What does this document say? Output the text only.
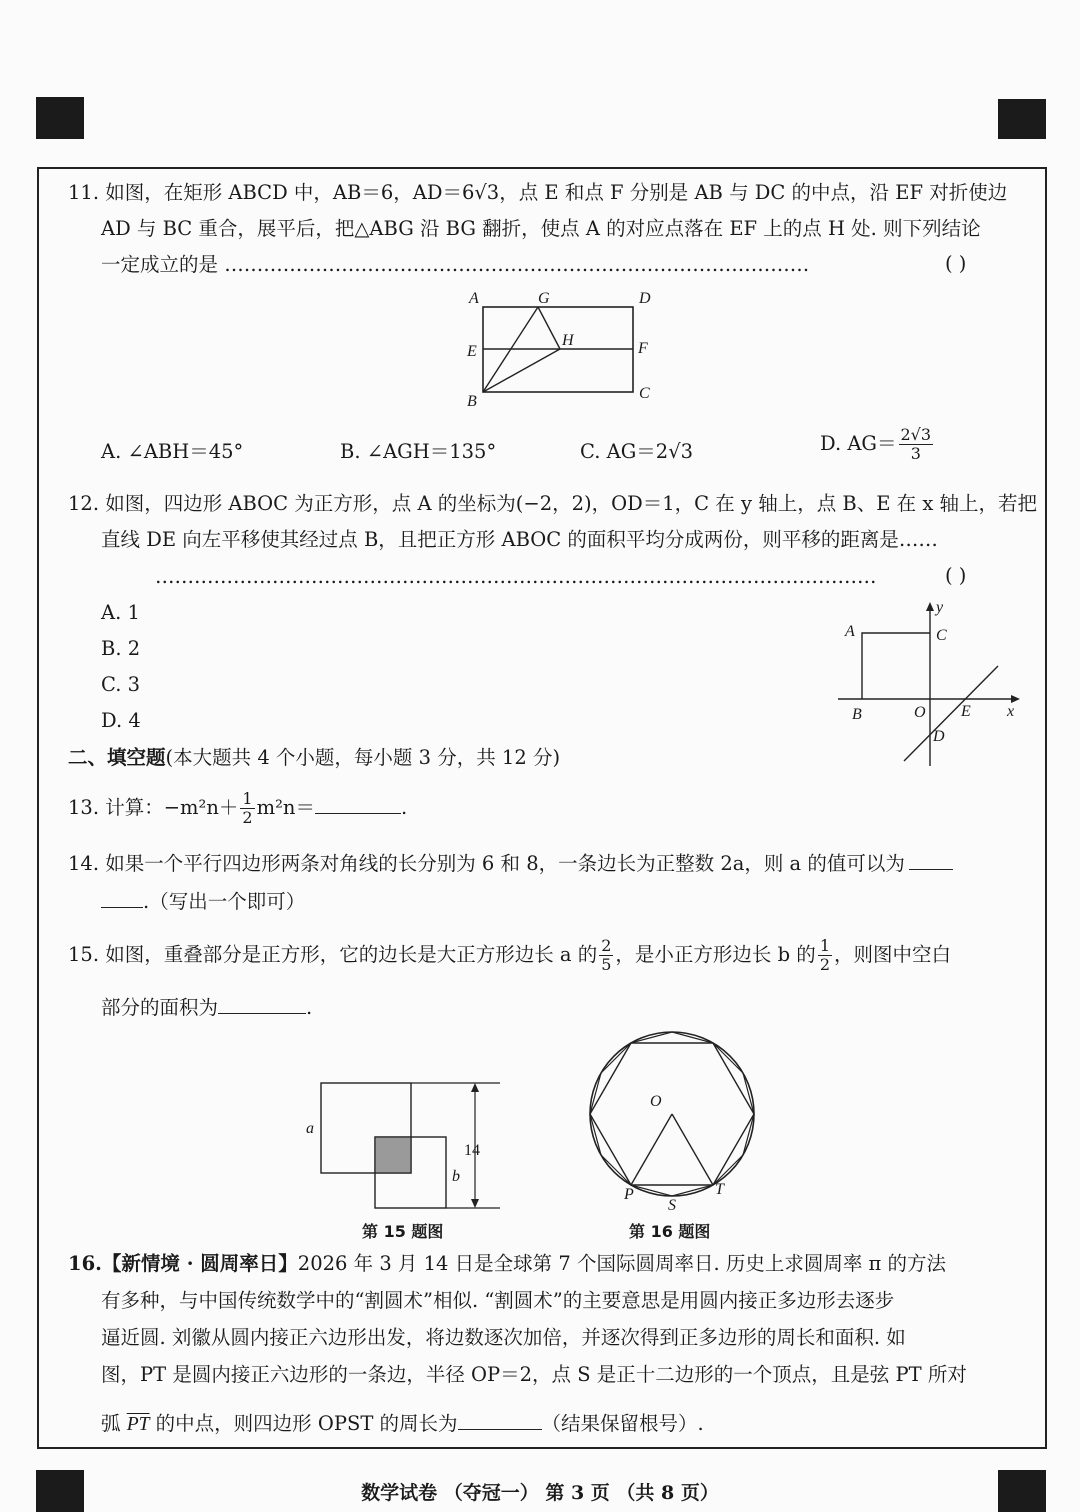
11. 如图，在矩形 ABCD 中，AB＝6，AD＝6√3，点 E 和点 F 分别是 AB 与 DC 的中点，沿 EF 对折使边
AD 与 BC 重合，展平后，把△ABG 沿 BG 翻折，使点 A 的对应点落在 EF 上的点 H 处. 则下列结论
一定成立的是 ………………………………………………………………………………	( )
A	G	D
E
H	F
B	C
A. ∠ABH＝45°	B. ∠AGH＝135°	C. AG＝2√3	D. $AG= \frac{2√3}{3}$
12. 如图，四边形 ABOC 为正方形，点 A 的坐标为(−2，2)，OD＝1，C 在 y 轴上，点 B、E 在 x 轴上，若把
直线 DE 向左平移使其经过点 B，且把正方形 ABOC 的面积平均分成两份，则平移的距离是……
…………………………………………………………………………………………………	( )
A. 1
B. 2
C. 3
D. 4
A	C
y
B	O E x
D
二、填空题(本大题共 4 个小题，每小题 3 分，共 12 分)
13. 计算：$-m^2n+ \frac{1}{2} m^2n=$	.
14. 如果一个平行四边形两条对角线的长分别为 6 和 8，一条边长为正整数 2a，则 a 的值可以为
.（写出一个即可）
15. 如图，重叠部分是正方形，它的边长是大正方形边长 a 的 $\frac{2}{5}$ ，是小正方形边长 b 的 $\frac{1}{2}$ ，则图中空白
部分的面积为	.
a
b
14
第 15 题图
O
P
S
T
第 16 题图
16.【新情境 · 圆周率日】2026 年 3 月 14 日是全球第 7 个国际圆周率日. 历史上求圆周率 π 的方法
有多种，与中国传统数学中的“割圆术”相似. “割圆术”的主要意思是用圆内接正多边形去逐步
逼近圆. 刘徽从圆内接正六边形出发，将边数逐次加倍，并逐次得到正多边形的周长和面积. 如
图，PT 是圆内接正六边形的一条边，半径 OP＝2，点 S 是正十二边形的一个顶点，且是弦 PT 所对
弧 $\overline{PT}$ 的中点，则四边形 OPST 的周长为	（结果保留根号）.
数学试卷 （夺冠一） 第 3 页 （共 8 页）
